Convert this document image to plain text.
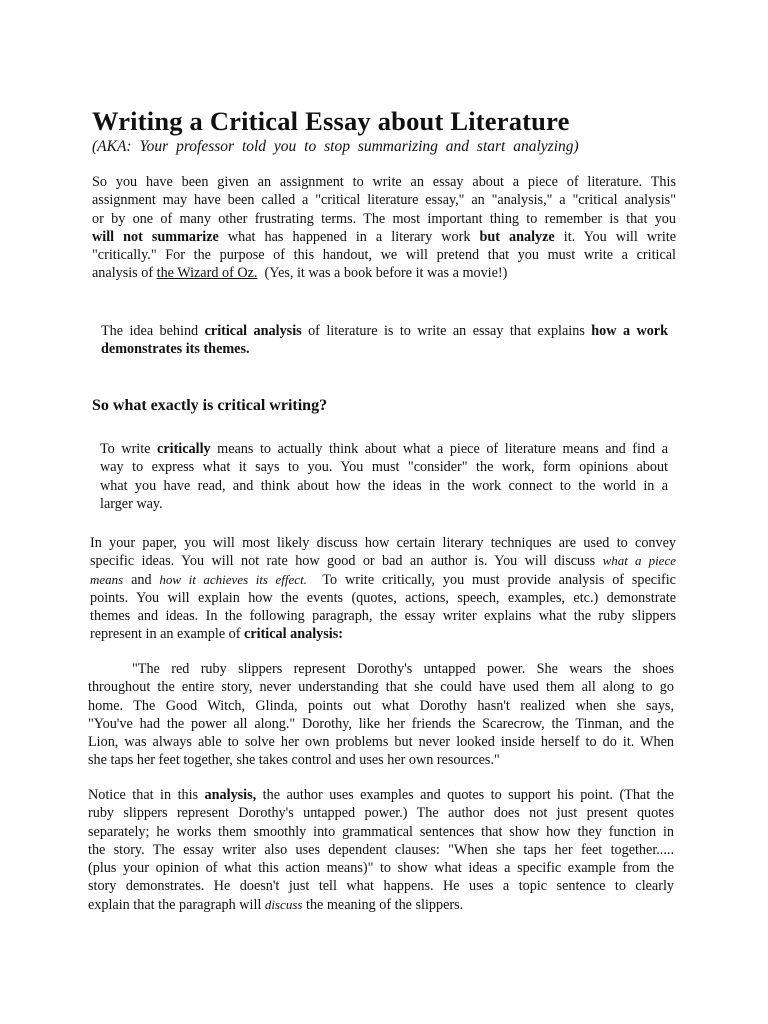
Writing a Critical Essay about Literature

(AKA: Your professor told you to stop summarizing and start analyzing)

So you have been given an assignment to write an essay about a piece of literature. This
assignment may have been called a "critical literature essay," an "analysis," a "critical analysis"
or by one of many other frustrating terms. The most important thing to remember is that you
will not summarize what has happened in a literary work but analyze it. You will write
"critically." For the purpose of this handout, we will pretend that you must write a critical
analysis of the Wizard of Oz.  (Yes, it was a book before it was a movie!)
The idea behind critical analysis of literature is to write an essay that explains how a work
demonstrates its themes.
So what exactly is critical writing?
To write critically means to actually think about what a piece of literature means and find a
way to express what it says to you. You must "consider" the work, form opinions about
what you have read, and think about how the ideas in the work connect to the world in a
larger way.
In your paper, you will most likely discuss how certain literary techniques are used to convey
specific ideas. You will not rate how good or bad an author is. You will discuss what a piece
means and how it achieves its effect.  To write critically, you must provide analysis of specific
points. You will explain how the events (quotes, actions, speech, examples, etc.) demonstrate
themes and ideas. In the following paragraph, the essay writer explains what the ruby slippers
represent in an example of critical analysis:
"The red ruby slippers represent Dorothy's untapped power. She wears the shoes
throughout the entire story, never understanding that she could have used them all along to go
home. The Good Witch, Glinda, points out what Dorothy hasn't realized when she says,
"You've had the power all along." Dorothy, like her friends the Scarecrow, the Tinman, and the
Lion, was always able to solve her own problems but never looked inside herself to do it. When
she taps her feet together, she takes control and uses her own resources."
Notice that in this analysis, the author uses examples and quotes to support his point. (That the
ruby slippers represent Dorothy's untapped power.) The author does not just present quotes
separately; he works them smoothly into grammatical sentences that show how they function in
the story. The essay writer also uses dependent clauses: "When she taps her feet together.....
(plus your opinion of what this action means)" to show what ideas a specific example from the
story demonstrates. He doesn't just tell what happens. He uses a topic sentence to clearly
explain that the paragraph will discuss the meaning of the slippers.
